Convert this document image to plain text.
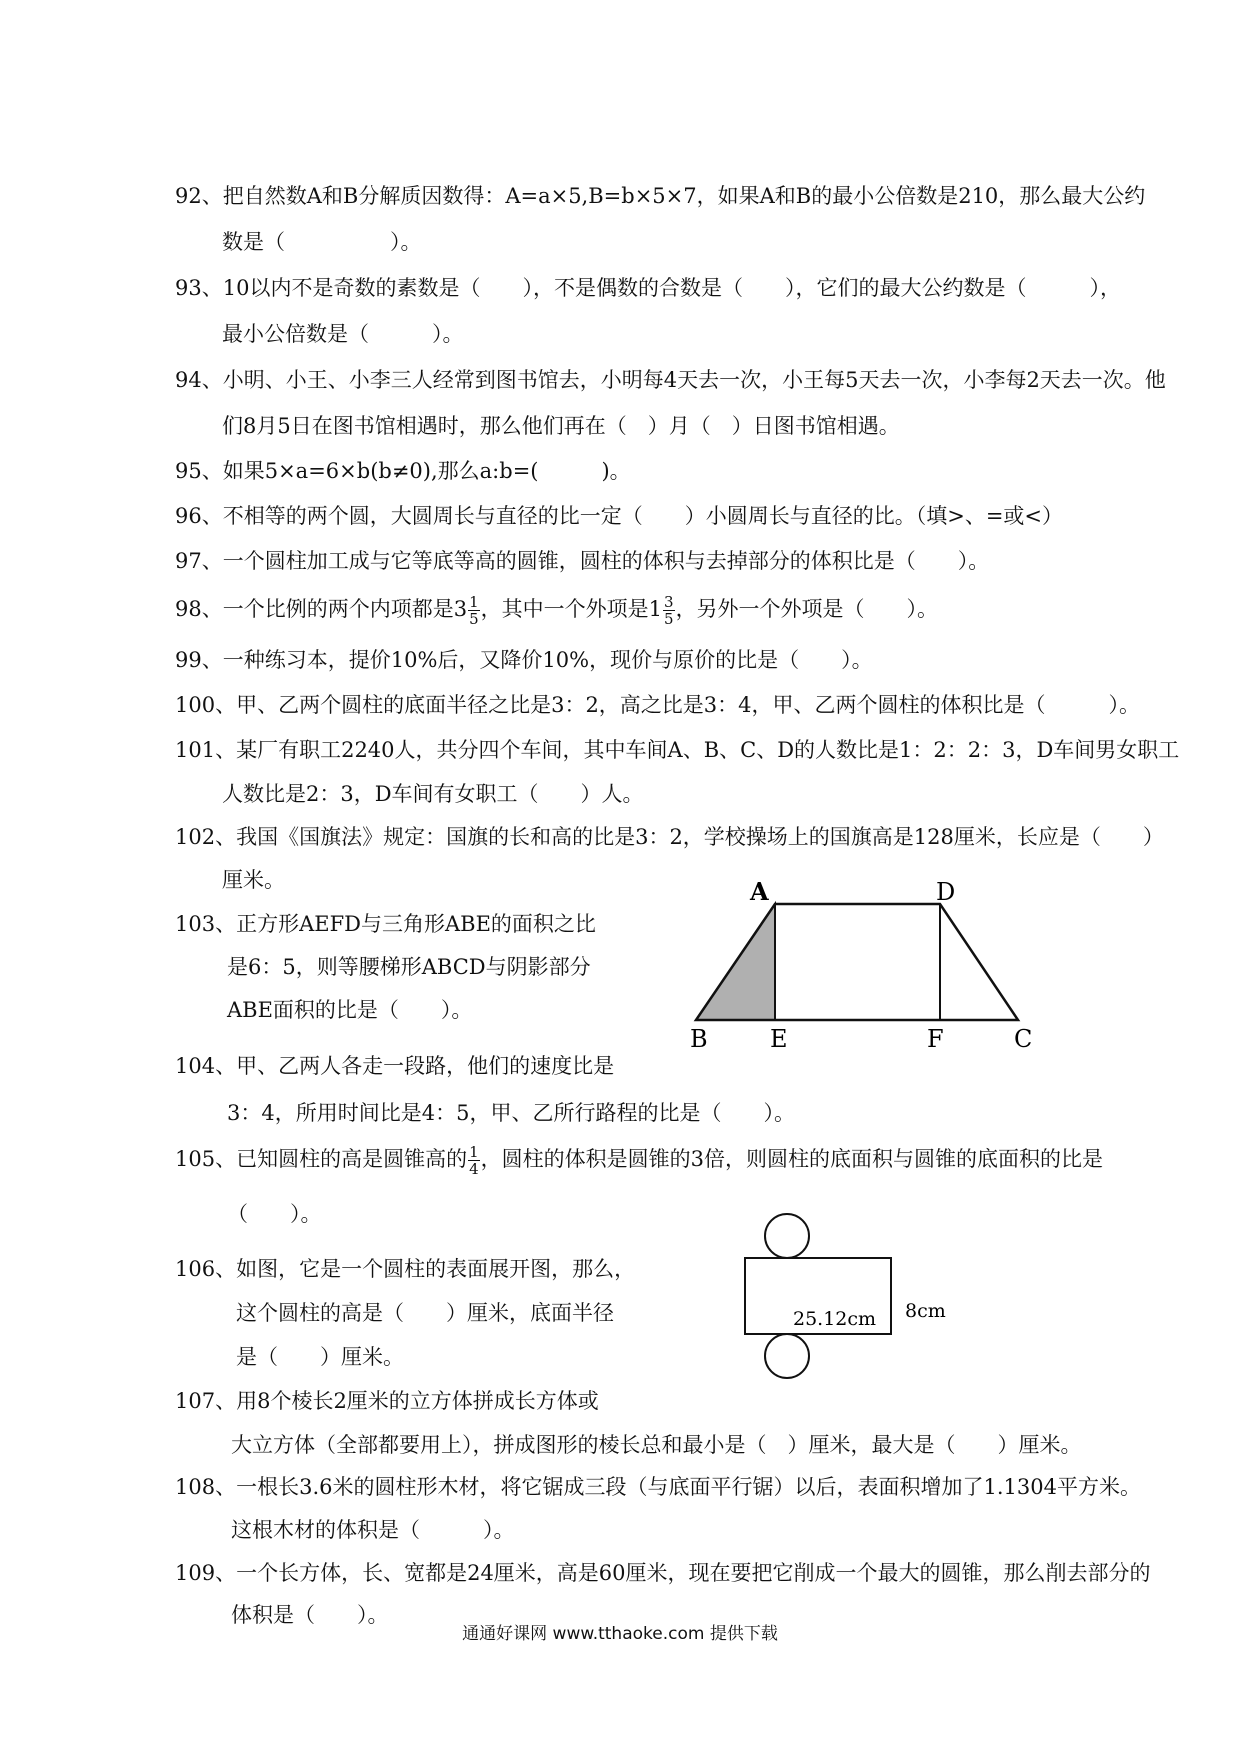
92、把自然数A和B分解质因数得：A=a×5,B=b×5×7，如果A和B的最小公倍数是210，那么最大公约
数是（　　　　　）。
93、10以内不是奇数的素数是（　　），不是偶数的合数是（　　），它们的最大公约数是（　　　），
最小公倍数是（　　　）。
94、小明、小王、小李三人经常到图书馆去，小明每4天去一次，小王每5天去一次，小李每2天去一次。他
们8月5日在图书馆相遇时，那么他们再在（　）月（　）日图书馆相遇。
95、如果5×a=6×b(b≠0),那么a:b=(　　　)。
96、不相等的两个圆，大圆周长与直径的比一定（　　）小圆周长与直径的比。（填>、=或<）
97、一个圆柱加工成与它等底等高的圆锥，圆柱的体积与去掉部分的体积比是（　　）。
98、一个比例的两个内项都是$3 \frac{1}{5}$ ，其中一个外项是$1 \frac{3}{5}$ ，另外一个外项是（　　）。
99、一种练习本，提价10%后，又降价10%，现价与原价的比是（　　）。
100、甲、乙两个圆柱的底面半径之比是3：2，高之比是3：4，甲、乙两个圆柱的体积比是（　　　）。
101、某厂有职工2240人，共分四个车间，其中车间A、B、C、D的人数比是1：2：2：3，D车间男女职工
人数比是2：3，D车间有女职工（　　）人。
102、我国《国旗法》规定：国旗的长和高的比是3：2，学校操场上的国旗高是128厘米，长应是（　　）
厘米。
103、正方形AEFD与三角形ABE的面积之比
是6：5，则等腰梯形ABCD与阴影部分
ABE面积的比是（　　）。
A	D
B	E	F	C
104、甲、乙两人各走一段路，他们的速度比是
3：4，所用时间比是4：5，甲、乙所行路程的比是（　　）。
105、已知圆柱的高是圆锥高的 $\frac{1}{4}$ ，圆柱的体积是圆锥的3倍，则圆柱的底面积与圆锥的底面积的比是
（　　）。
106、如图，它是一个圆柱的表面展开图，那么，
这个圆柱的高是（　　）厘米，底面半径
是（　　）厘米。
25.12cm 8cm
107、用8个棱长2厘米的立方体拼成长方体或
大立方体（全部都要用上），拼成图形的棱长总和最小是（　）厘米，最大是（　　）厘米。
108、一根长3.6米的圆柱形木材，将它锯成三段（与底面平行锯）以后，表面积增加了1.1304平方米。
这根木材的体积是（　　　）。
109、一个长方体，长、宽都是24厘米，高是60厘米，现在要把它削成一个最大的圆锥，那么削去部分的
体积是（　　）。
通通好课网 www.tthaoke.com 提供下载
